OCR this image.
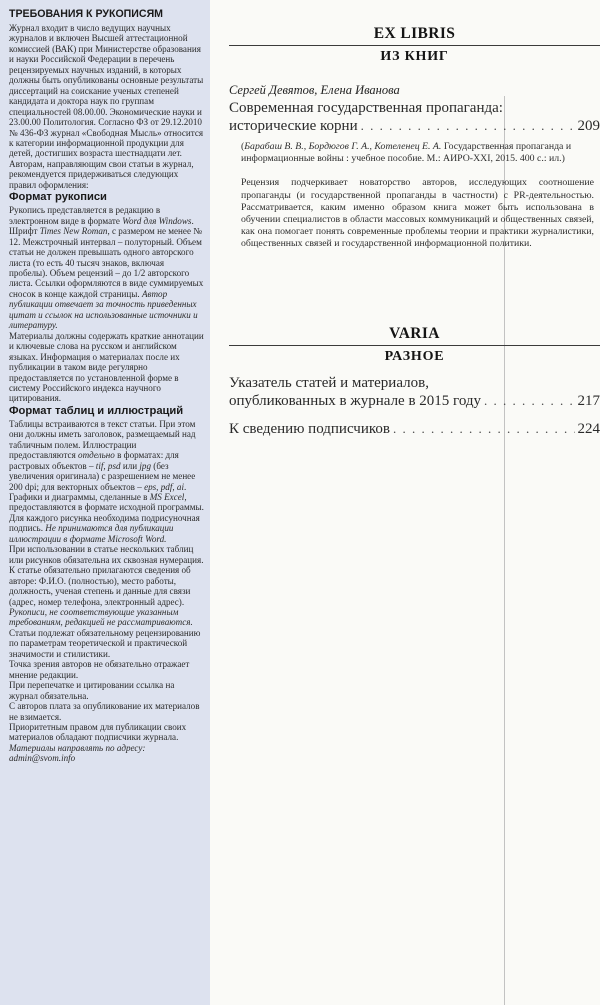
ТРЕБОВАНИЯ К РУКОПИСЯМ

Журнал входит в число ведущих научных журналов и включен Высшей аттестационной комиссией (ВАК) при Министерстве образования и науки Российской Федерации в перечень рецензируемых научных изданий, в которых должны быть опубликованы основные результаты диссертаций на соискание ученых степеней кандидата и доктора наук по группам специальностей 08.00.00. Экономические науки и 23.00.00 Политология. Согласно ФЗ от 29.12.2010 № 436-ФЗ журнал «Свободная Мысль» относится к категории информационной продукции для детей, достигших возраста шестнадцати лет. Авторам, направляющим свои статьи в журнал, рекомендуется придерживаться следующих правил оформления:

Формат рукописи

Рукопись представляется в редакцию в электронном виде в формате Word для Windows. Шрифт Times New Roman, с размером не менее № 12. Межстрочный интервал – полуторный. Объем статьи не должен превышать одного авторского листа (то есть 40 тысяч знаков, включая пробелы). Объем рецензий – до 1/2 авторского листа. Ссылки оформляются в виде суммируемых сносок в конце каждой страницы. Автор публикации отвечает за точность приведенных цитат и ссылок на использованные источники и литературу.

Материалы должны содержать краткие аннотации и ключевые слова на русском и английском языках. Информация о материалах после их публикации в таком виде регулярно предоставляется по установленной форме в систему Российского индекса научного цитирования.

Формат таблиц и иллюстраций

Таблицы встраиваются в текст статьи. При этом они должны иметь заголовок, размещаемый над табличным полем. Иллюстрации предоставляются отдельно в форматах: для растровых объектов – tif, psd или jpg (без увеличения оригинала) с разрешением не менее 200 dpi; для векторных объектов – eps, pdf, ai. Графики и диаграммы, сделанные в MS Excel, предоставляются в формате исходной программы. Для каждого рисунка необходима подрисуночная подпись. Не принимаются для публикации иллюстрации в формате Microsoft Word.

При использовании в статье нескольких таблиц или рисунков обязательна их сквозная нумерация.

К статье обязательно прилагаются сведения об авторе: Ф.И.О. (полностью), место работы, должность, ученая степень и данные для связи (адрес, номер телефона, электронный адрес).

Рукописи, не соответствующие указанным требованиям, редакцией не рассматриваются.

Статьи подлежат обязательному рецензированию по параметрам теоретической и практической значимости и стилистики.

Точка зрения авторов не обязательно отражает мнение редакции.

При перепечатке и цитировании ссылка на журнал обязательна.

С авторов плата за опубликование их материалов не взимается.

Приоритетным правом для публикации своих материалов обладают подписчики журнала.

Материалы направлять по адресу: admin@svom.info

EX LIBRIS
ИЗ КНИГ
Сергей Девятов, Елена Иванова
Современная государственная пропаганда:
исторические корни . . .	209
(Барабаш В. В., Бордюгов Г. А., Котеленец Е. А. Государственная пропаганда и информационные войны : учебное пособие. М.: АИРО-XXI, 2015. 400 с.: ил.)
Рецензия подчеркивает новаторство авторов, исследующих соотношение пропаганды (и государственной пропаганды в частности) с PR-деятельностью. Рассматривается, каким именно образом книга может быть использована в обучении специалистов в области массовых коммуникаций и общественных связей, как она помогает понять современные проблемы теории и практики журналистики, общественных связей и государственной информационной политики.
VARIA
РАЗНОЕ
Указатель статей и материалов,
опубликованных в журнале в 2015 году . . .	217
К сведению подписчиков . . .	224
